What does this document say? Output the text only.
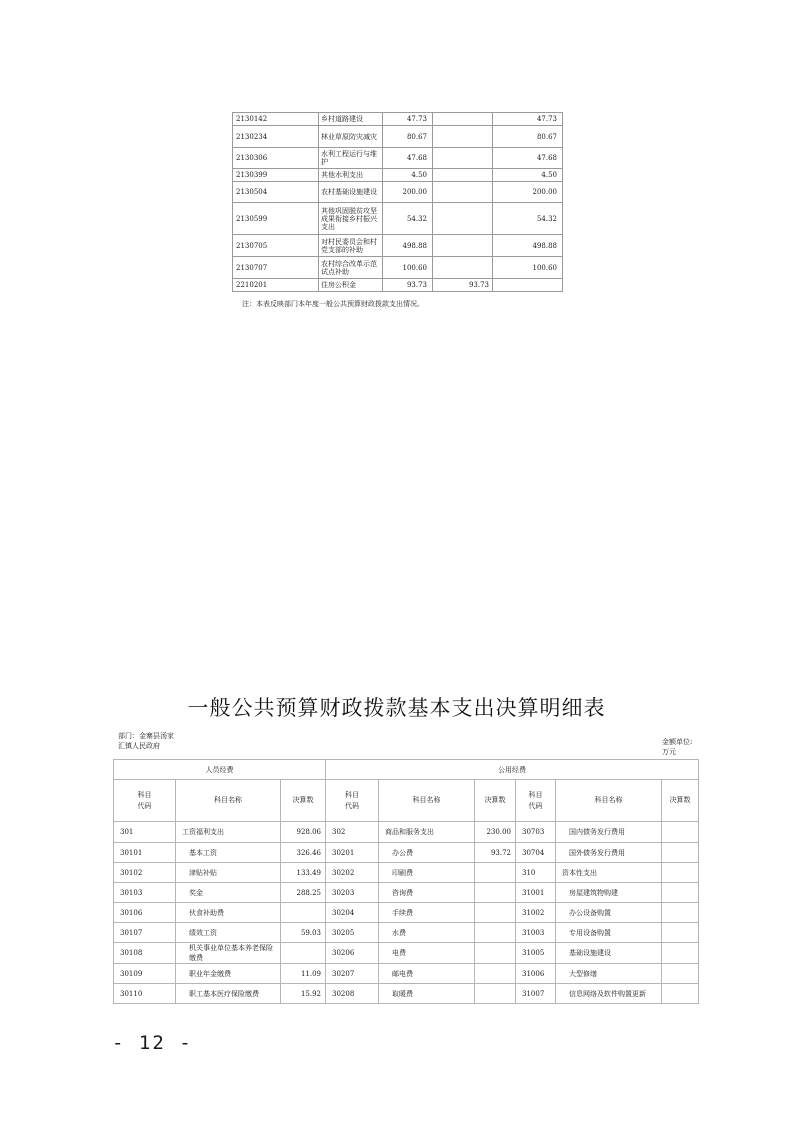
2130142	乡村道路建设	47.73		47.73
2130234	林业草原防灾减灾	80.67		80.67
2130306	水利工程运行与维护	47.68		47.68
2130399	其他水利支出	4.50		4.50
2130504	农村基础设施建设	200.00		200.00
2130599	其他巩固脱贫攻坚成果衔接乡村振兴支出	54.32		54.32
2130705	对村民委员会和村党支部的补助	498.88		498.88
2130707	农村综合改革示范试点补助	100.60		100.60
2210201	住房公积金	93.73	93.73	
注：本表反映部门本年度一般公共预算财政拨款支出情况。
一般公共预算财政拨款基本支出决算明细表
部门：金寨县汤家汇镇人民政府	金额单位:万元
人员经费			公用经费					
科目代码	科目名称	决算数	科目代码	科目名称	决算数	科目代码	科目名称	决算数
301	工资福利支出	928.06	302	商品和服务支出	230.00	30703	国内债务发行费用	
30101	基本工资	326.46	30201	办公费	93.72	30704	国外债务发行费用	
30102	津贴补贴	133.49	30202	印刷费		310	资本性支出	
30103	奖金	288.25	30203	咨询费		31001	房屋建筑物购建	
30106	伙食补助费		30204	手续费		31002	办公设备购置	
30107	绩效工资	59.03	30205	水费		31003	专用设备购置	
30108	机关事业单位基本养老保险缴费		30206	电费		31005	基础设施建设	
30109	职业年金缴费	11.09	30207	邮电费		31006	大型修缮	
30110	职工基本医疗保险缴费	15.92	30208	取暖费		31007	信息网络及软件购置更新	
- 12 -
